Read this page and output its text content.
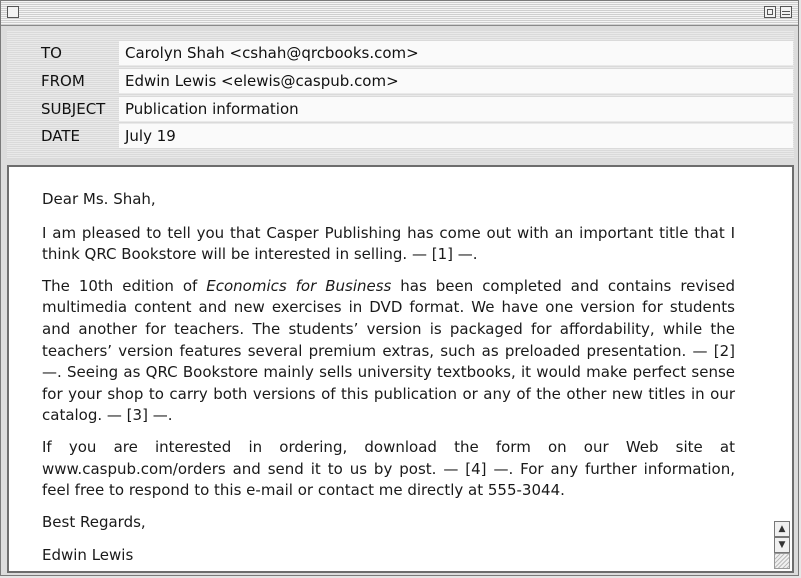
TO	Carolyn Shah <cshah@qrcbooks.com>
FROM	Edwin Lewis <elewis@caspub.com>
SUBJECT	Publication information
DATE	July 19

Dear Ms. Shah,

I am pleased to tell you that Casper Publishing has come out with an important title that I think QRC Bookstore will be interested in selling. — [1] —.

The 10th edition of Economics for Business has been completed and contains revised multimedia content and new exercises in DVD format. We have one version for students and another for teachers. The students’ version is packaged for affordability, while the teachers’ version features several premium extras, such as preloaded presentation. — [2] —. Seeing as QRC Bookstore mainly sells university textbooks, it would make perfect sense for your shop to carry both versions of this publication or any of the other new titles in our catalog. — [3] —.

If you are interested in ordering, download the form on our Web site at www.caspub.com/orders and send it to us by post. — [4] —. For any further information, feel free to respond to this e-mail or contact me directly at 555-3044.

Best Regards,

Edwin Lewis

▲
▼
